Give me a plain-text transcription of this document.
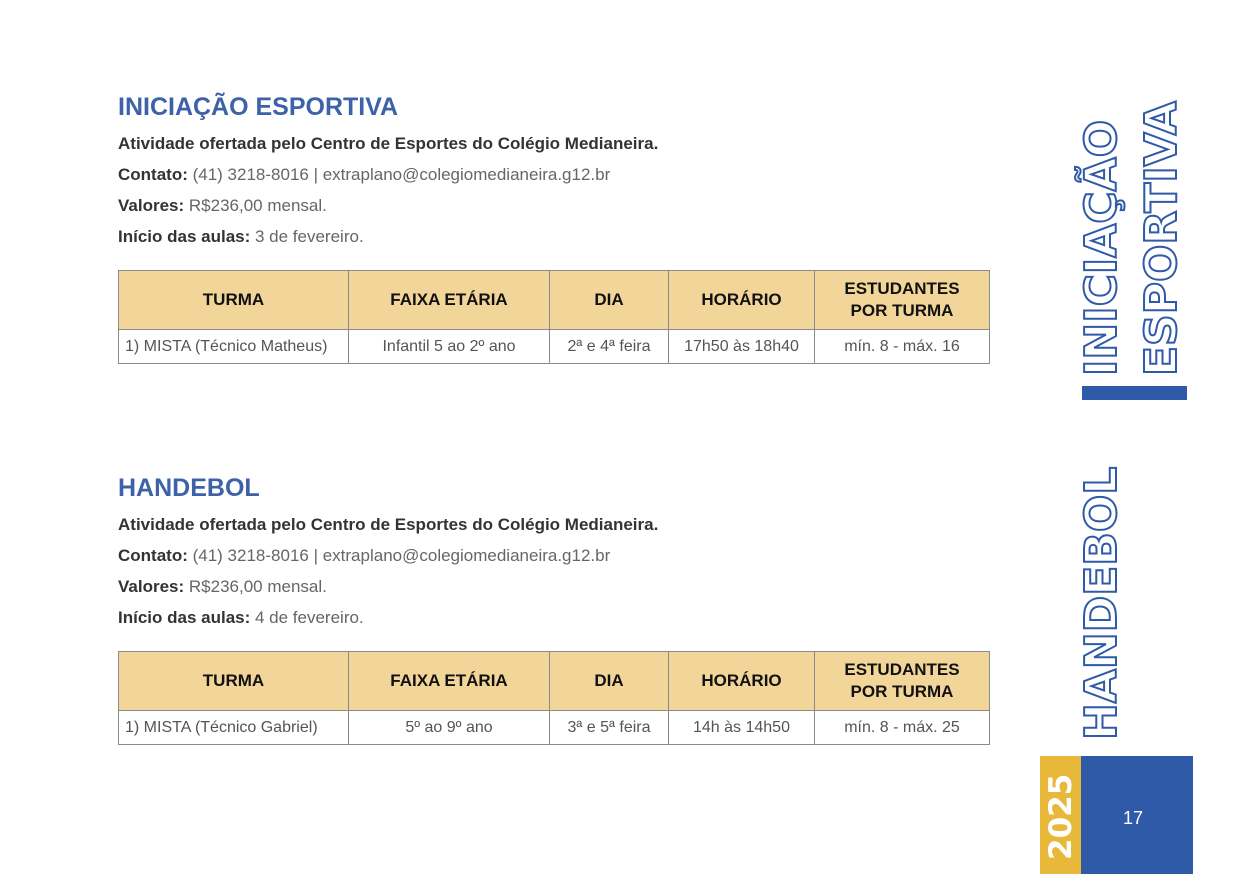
INICIAÇÃO ESPORTIVA
Atividade ofertada pelo Centro de Esportes do Colégio Medianeira.
Contato: (41) 3218-8016 | extraplano@colegiomedianeira.g12.br
Valores: R$236,00 mensal.
Início das aulas: 3 de fevereiro.
TURMA	FAIXA ETÁRIA	DIA	HORÁRIO	ESTUDANTES
POR TURMA
1) MISTA (Técnico Matheus)	Infantil 5 ao 2º ano	2ª e 4ª feira	17h50 às 18h40	mín. 8 - máx. 16
HANDEBOL
Atividade ofertada pelo Centro de Esportes do Colégio Medianeira.
Contato: (41) 3218-8016 | extraplano@colegiomedianeira.g12.br
Valores: R$236,00 mensal.
Início das aulas: 4 de fevereiro.
TURMA	FAIXA ETÁRIA	DIA	HORÁRIO	ESTUDANTES
POR TURMA
1) MISTA (Técnico Gabriel)	5º ao 9º ano	3ª e 5ª feira	14h às 14h50	mín. 8 - máx. 25
INICIAÇÃO ESPORTIVA
HANDEBOL
2025	17
